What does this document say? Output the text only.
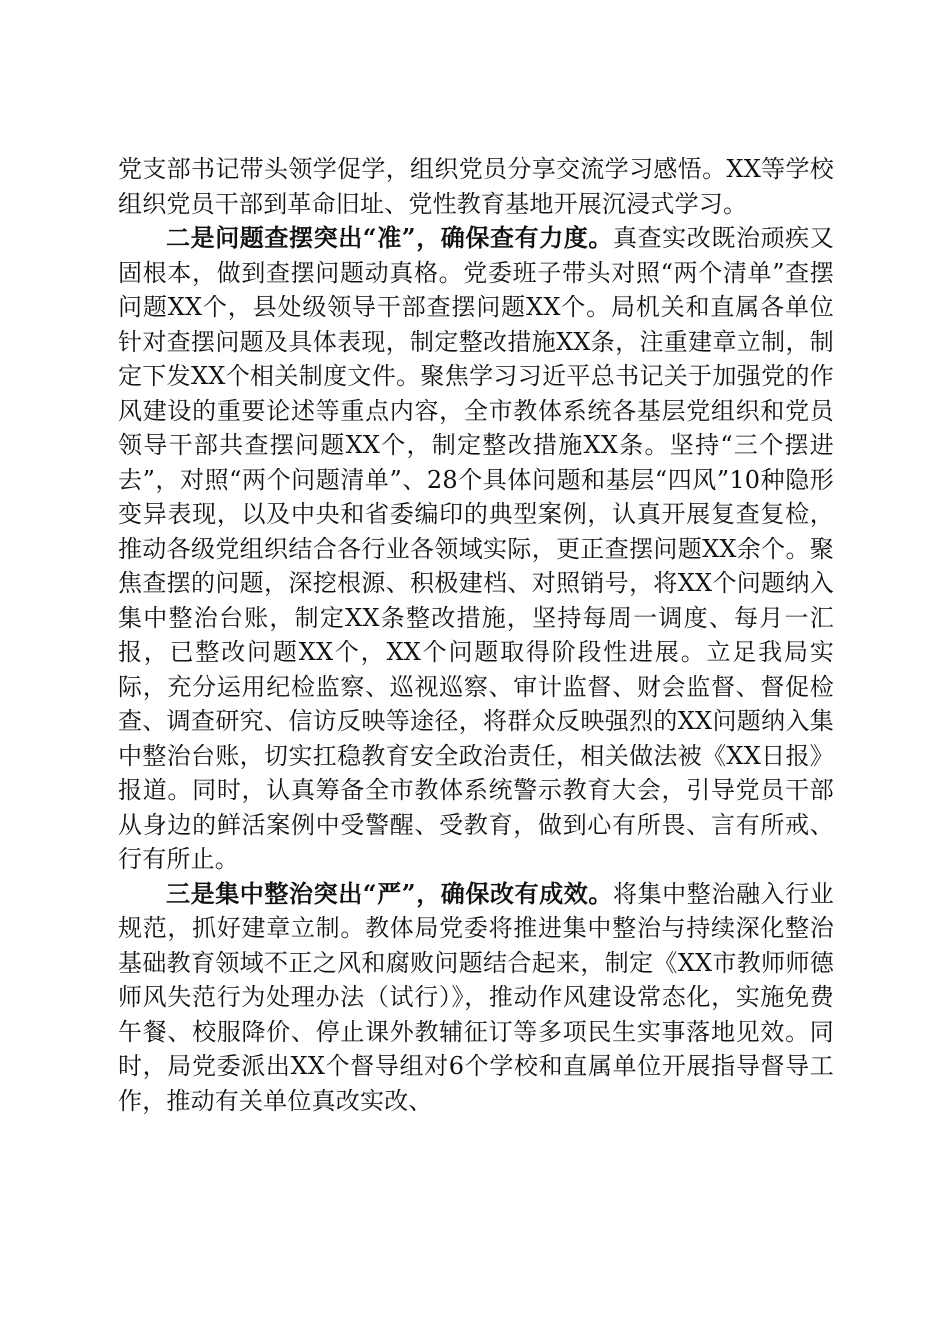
党支部书记带头领学促学，组织党员分享交流学习感悟。XX等学校组织党员干部到革命旧址、党性教育基地开展沉浸式学习。

二是问题查摆突出“准”，确保查有力度。真查实改既治顽疾又固根本，做到查摆问题动真格。党委班子带头对照“两个清单”查摆问题XX个，县处级领导干部查摆问题XX个。局机关和直属各单位针对查摆问题及具体表现，制定整改措施XX条，注重建章立制，制定下发XX个相关制度文件。聚焦学习习近平总书记关于加强党的作风建设的重要论述等重点内容，全市教体系统各基层党组织和党员领导干部共查摆问题XX个，制定整改措施XX条。坚持“三个摆进去”，对照“两个问题清单”、28个具体问题和基层“四风”10种隐形变异表现，以及中央和省委编印的典型案例，认真开展复查复检，推动各级党组织结合各行业各领域实际，更正查摆问题XX余个。聚焦查摆的问题，深挖根源、积极建档、对照销号，将XX个问题纳入集中整治台账，制定XX条整改措施，坚持每周一调度、每月一汇报，已整改问题XX个，XX个问题取得阶段性进展。立足我局实际，充分运用纪检监察、巡视巡察、审计监督、财会监督、督促检查、调查研究、信访反映等途径，将群众反映强烈的XX问题纳入集中整治台账，切实扛稳教育安全政治责任，相关做法被《XX日报》报道。同时，认真筹备全市教体系统警示教育大会，引导党员干部从身边的鲜活案例中受警醒、受教育，做到心有所畏、言有所戒、行有所止。

三是集中整治突出“严”，确保改有成效。将集中整治融入行业规范，抓好建章立制。教体局党委将推进集中整治与持续深化整治基础教育领域不正之风和腐败问题结合起来，制定《XX市教师师德师风失范行为处理办法（试行）》，推动作风建设常态化，实施免费午餐、校服降价、停止课外教辅征订等多项民生实事落地见效。同时，局党委派出XX个督导组对6个学校和直属单位开展指导督导工作，推动有关单位真改实改、
